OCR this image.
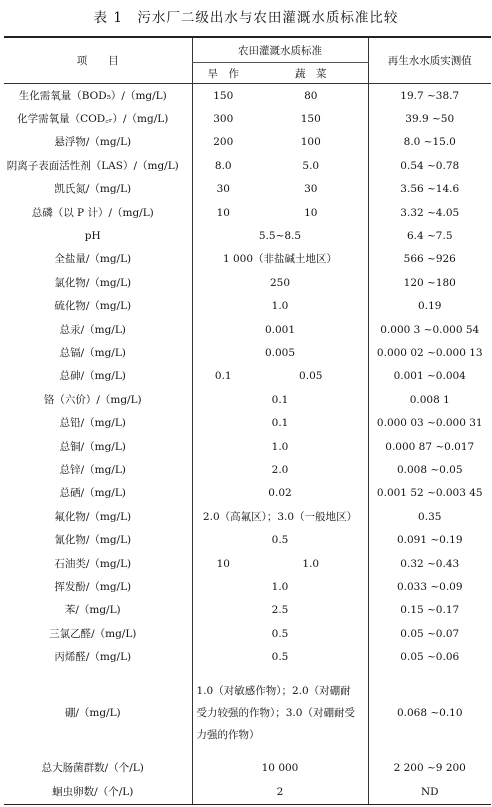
表 1　污水厂二级出水与农田灌溉水质标准比较
项　　目	农田灌溉水质标准		再生水水质实测值
	旱　作	蔬　菜	
生化需氧量（BOD₅）/（mg/L)	150	80	19.7 ~38.7
化学需氧量（COD꜀ᵣ）/（mg/L)	300	150	39.9 ~50
悬浮物/（mg/L)	200	100	8.0 ~15.0
阴离子表面活性剂（LAS）/（mg/L)	8.0	5.0	0.54 ~0.78
凯氏氮/（mg/L)	30	30	3.56 ~14.6
总磷（以 P 计）/（mg/L)	10	10	3.32 ~4.05
pH	5.5~8.5		6.4 ~7.5
全盐量/（mg/L)	1 000（非盐碱土地区）		566 ~926
氯化物/（mg/L)	250		120 ~180
硫化物/（mg/L)	1.0		0.19
总汞/（mg/L)	0.001		0.000 3 ~0.000 54
总镉/（mg/L)	0.005		0.000 02 ~0.000 13
总砷/（mg/L)	0.1	0.05	0.001 ~0.004
铬（六价）/（mg/L)	0.1		0.008 1
总铅/（mg/L)	0.1		0.000 03 ~0.000 31
总铜/（mg/L)	1.0		0.000 87 ~0.017
总锌/（mg/L)	2.0		0.008 ~0.05
总硒/（mg/L)	0.02		0.001 52 ~0.003 45
氟化物/（mg/L)	2.0（高氟区）；3.0（一般地区）		0.35
氰化物/（mg/L)	0.5		0.091 ~0.19
石油类/（mg/L)	10	1.0	0.32 ~0.43
挥发酚/（mg/L)	1.0		0.033 ~0.09
苯/（mg/L)	2.5		0.15 ~0.17
三氯乙醛/（mg/L)	0.5		0.05 ~0.07
丙烯醛/（mg/L)	0.5		0.05 ~0.06
硼/（mg/L)	1.0（对敏感作物）；2.0（对硼耐受力较强的作物）；3.0（对硼耐受力强的作物）		0.068 ~0.10
总大肠菌群数/（个/L)	10 000		2 200 ~9 200
蛔虫卵数/（个/L)	2		ND
